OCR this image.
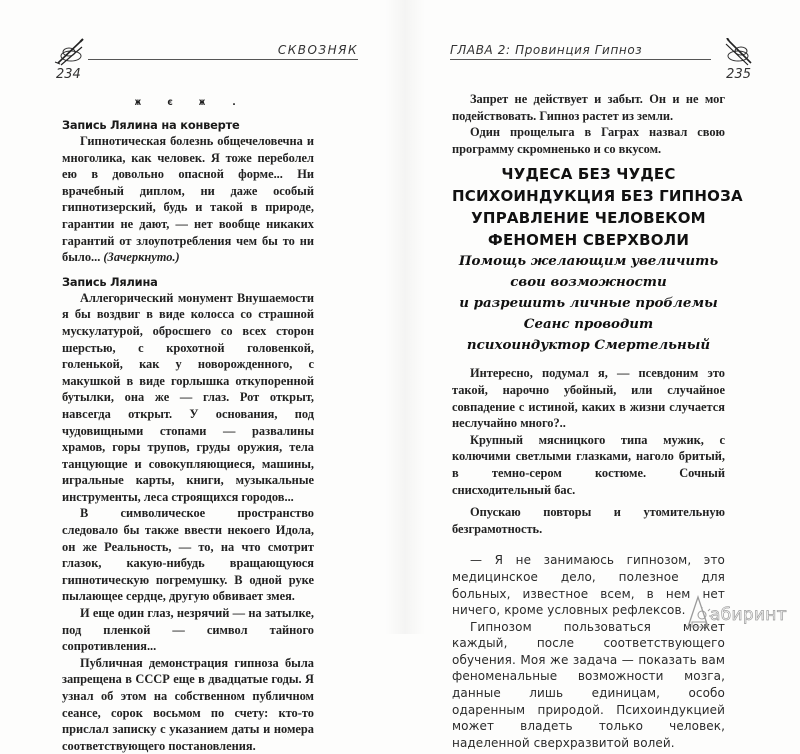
СКВОЗНЯК
234
ж є ж .
Запись Лялина на конверте

Гипнотическая болезнь общечеловечна и многолика, как человек. Я тоже переболел ею в довольно опасной форме... Ни врачебный диплом, ни даже особый гипнотизерский, будь и такой в природе, гарантии не дают, — нет вообще никаких гарантий от злоупотребления чем бы то ни было... (Зачеркнуто.)

Запись Лялина

Аллегорический монумент Внушаемости я бы воздвиг в виде колосса со страшной мускулатурой, обросшего со всех сторон шерстью, с крохотной головенкой, голенькой, как у новорожденного, с макушкой в виде горлышка откупоренной бутылки, она же — глаз. Рот открыт, навсегда открыт. У основания, под чудовищными стопами — развалины храмов, горы трупов, груды оружия, тела танцующие и совокупляющиеся, машины, игральные карты, книги, музыкальные инструменты, леса строящихся городов...

В символическое пространство следовало бы также ввести некоего Идола, он же Реальность, — то, на что смотрит глазок, какую-нибудь вращающуюся гипнотическую погремушку. В одной руке пылающее сердце, другую обвивает змея.

И еще один глаз, незрячий — на затылке, под пленкой — символ тайного сопротивления...

Публичная демонстрация гипноза была запрещена в СССР еще в двадцатые годы. Я узнал об этом на собственном публичном сеансе, сорок восьмом по счету: кто-то прислал записку с указанием даты и номера соответствующего постановления.

ГЛАВА 2: Провинция Гипноз
235

Запрет не действует и забыт. Он и не мог подействовать. Гипноз растет из земли.

Один прощелыга в Гаграх назвал свою программу скромненько и со вкусом.

ЧУДЕСА БЕЗ ЧУДЕС
ПСИХОИНДУКЦИЯ БЕЗ ГИПНОЗА
УПРАВЛЕНИЕ ЧЕЛОВЕКОМ
ФЕНОМЕН СВЕРХВОЛИ
Помощь желающим увеличить
свои возможности
и разрешить личные проблемы
Сеанс проводит
психоиндуктор Смертельный

Интересно, подумал я, — псевдоним это такой, нарочно убойный, или случайное совпадение с истиной, каких в жизни случается неслучайно много?..

Крупный мясницкого типа мужик, с колючими светлыми глазками, наголо бритый, в темно-сером костюме. Сочный снисходительный бас.

Опускаю повторы и утомительную безграмотность.

— Я не занимаюсь гипнозом, это медицинское дело, полезное для больных, известное всем, в нем нет ничего, кроме условных рефлексов.

Гипнозом пользоваться может каждый, после соответствующего обучения. Моя же задача — показать вам феноменальные возможности мозга, данные лишь единицам, особо одаренным природой. Психоиндукцией может владеть только человек, наделенной сверхразвитой волей.

абиринт
